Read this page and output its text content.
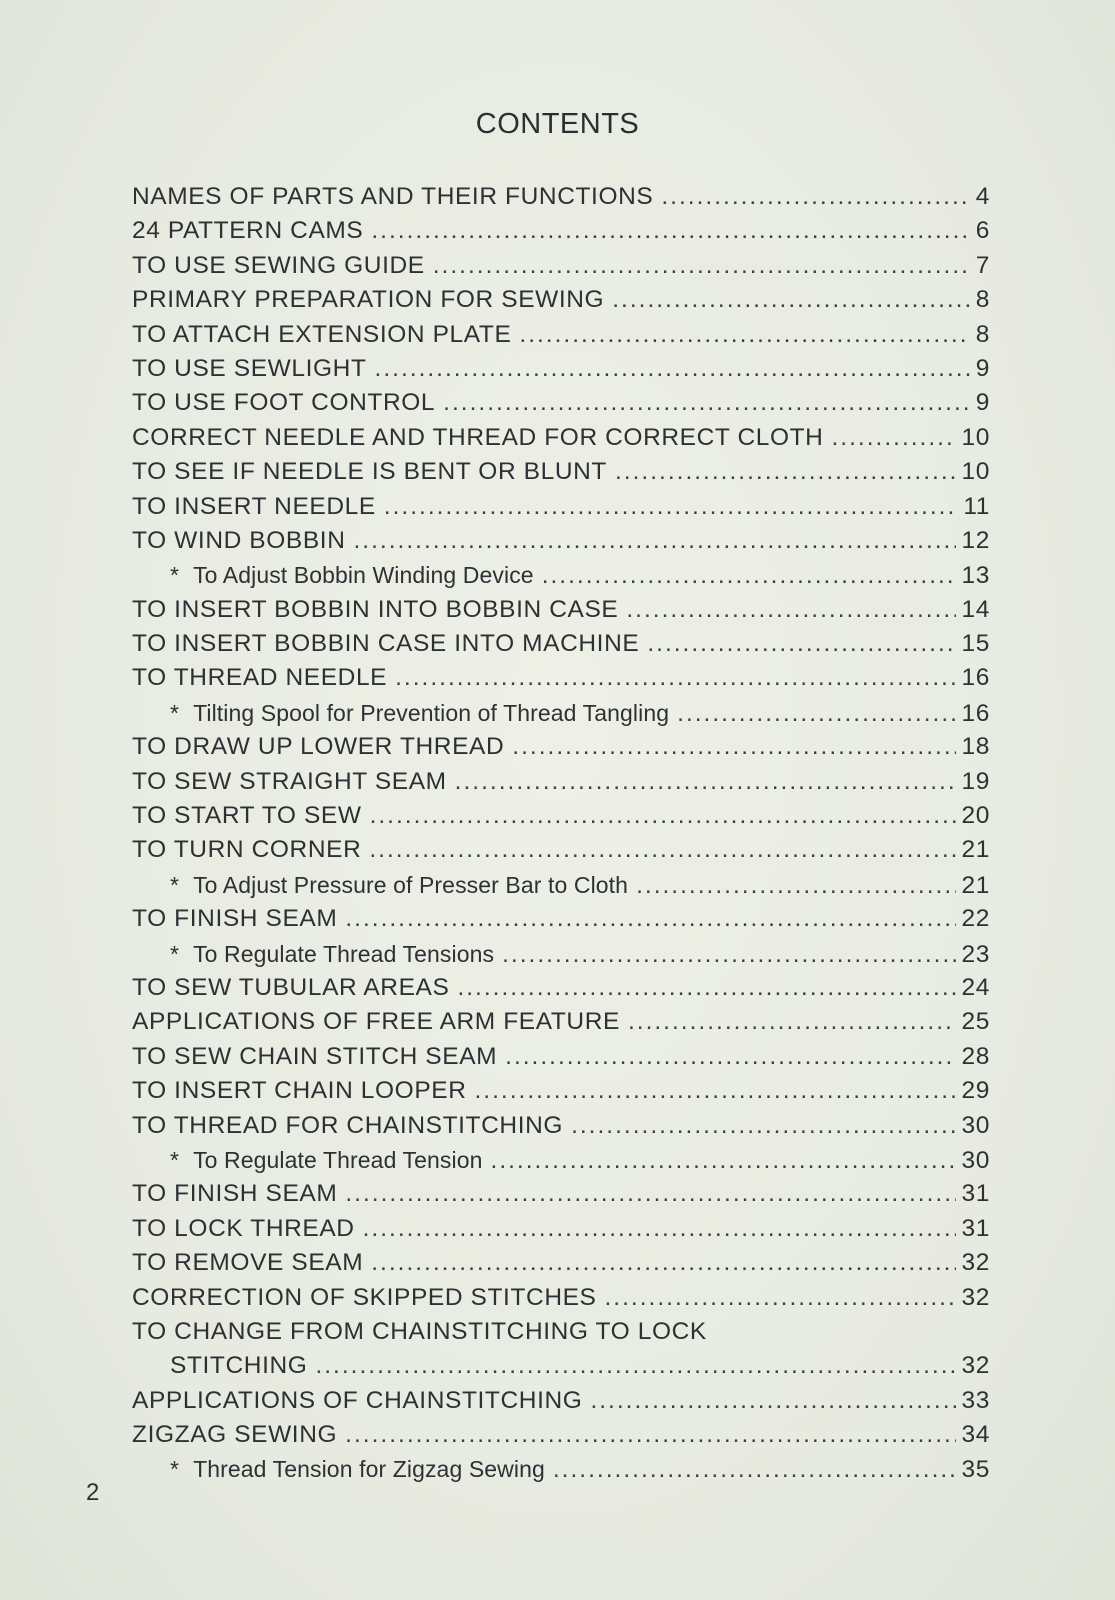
CONTENTS
NAMES OF PARTS AND THEIR FUNCTIONS .....	4
24 PATTERN CAMS .....	6
TO USE SEWING GUIDE .....	7
PRIMARY PREPARATION FOR SEWING .....	8
TO ATTACH EXTENSION PLATE .....	8
TO USE SEWLIGHT .....	9
TO USE FOOT CONTROL .....	9
CORRECT NEEDLE AND THREAD FOR CORRECT CLOTH .....	10
TO SEE IF NEEDLE IS BENT OR BLUNT .....	10
TO INSERT NEEDLE .....	11
TO WIND BOBBIN .....	12
* To Adjust Bobbin Winding Device .....	13
TO INSERT BOBBIN INTO BOBBIN CASE .....	14
TO INSERT BOBBIN CASE INTO MACHINE .....	15
TO THREAD NEEDLE .....	16
* Tilting Spool for Prevention of Thread Tangling .....	16
TO DRAW UP LOWER THREAD .....	18
TO SEW STRAIGHT SEAM .....	19
TO START TO SEW .....	20
TO TURN CORNER .....	21
* To Adjust Pressure of Presser Bar to Cloth .....	21
TO FINISH SEAM .....	22
* To Regulate Thread Tensions .....	23
TO SEW TUBULAR AREAS .....	24
APPLICATIONS OF FREE ARM FEATURE .....	25
TO SEW CHAIN STITCH SEAM .....	28
TO INSERT CHAIN LOOPER .....	29
TO THREAD FOR CHAINSTITCHING .....	30
* To Regulate Thread Tension .....	30
TO FINISH SEAM .....	31
TO LOCK THREAD .....	31
TO REMOVE SEAM .....	32
CORRECTION OF SKIPPED STITCHES .....	32
TO CHANGE FROM CHAINSTITCHING TO LOCK
STITCHING .....	32
APPLICATIONS OF CHAINSTITCHING .....	33
ZIGZAG SEWING .....	34
* Thread Tension for Zigzag Sewing .....	35
2
